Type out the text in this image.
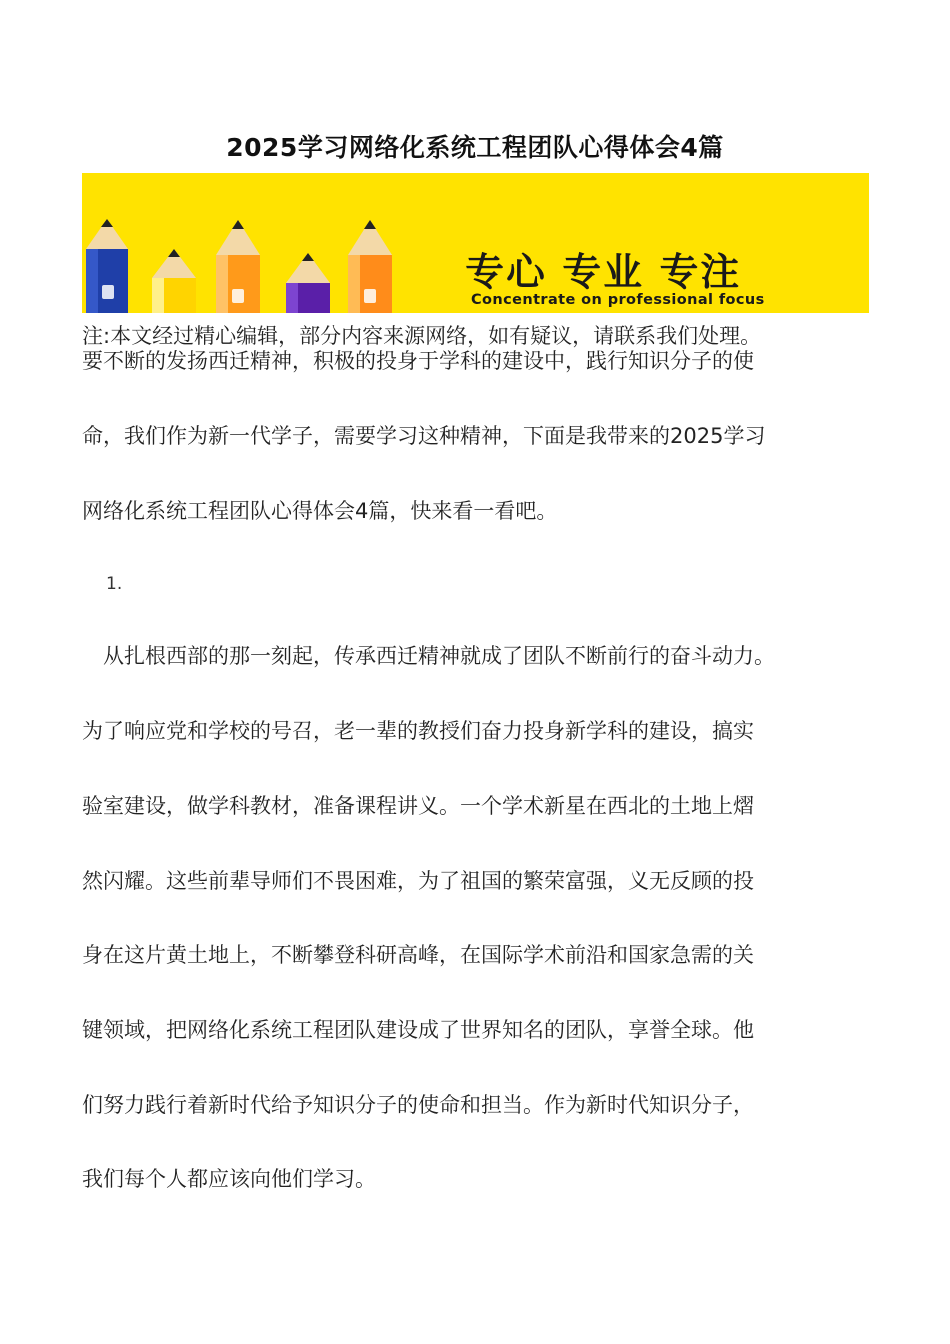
2025学习网络化系统工程团队心得体会4篇
专心 专业 专注
Concentrate on professional focus
注:本文经过精心编辑，部分内容来源网络，如有疑议，请联系我们处理。
要不断的发扬西迁精神，积极的投身于学科的建设中，践行知识分子的使
命，我们作为新一代学子，需要学习这种精神，下面是我带来的2025学习
网络化系统工程团队心得体会4篇，快来看一看吧。
1.
　从扎根西部的那一刻起，传承西迁精神就成了团队不断前行的奋斗动力。
为了响应党和学校的号召，老一辈的教授们奋力投身新学科的建设，搞实
验室建设，做学科教材，准备课程讲义。一个学术新星在西北的土地上熠
然闪耀。这些前辈导师们不畏困难，为了祖国的繁荣富强，义无反顾的投
身在这片黄土地上，不断攀登科研高峰，在国际学术前沿和国家急需的关
键领域，把网络化系统工程团队建设成了世界知名的团队，享誉全球。他
们努力践行着新时代给予知识分子的使命和担当。作为新时代知识分子，
我们每个人都应该向他们学习。
